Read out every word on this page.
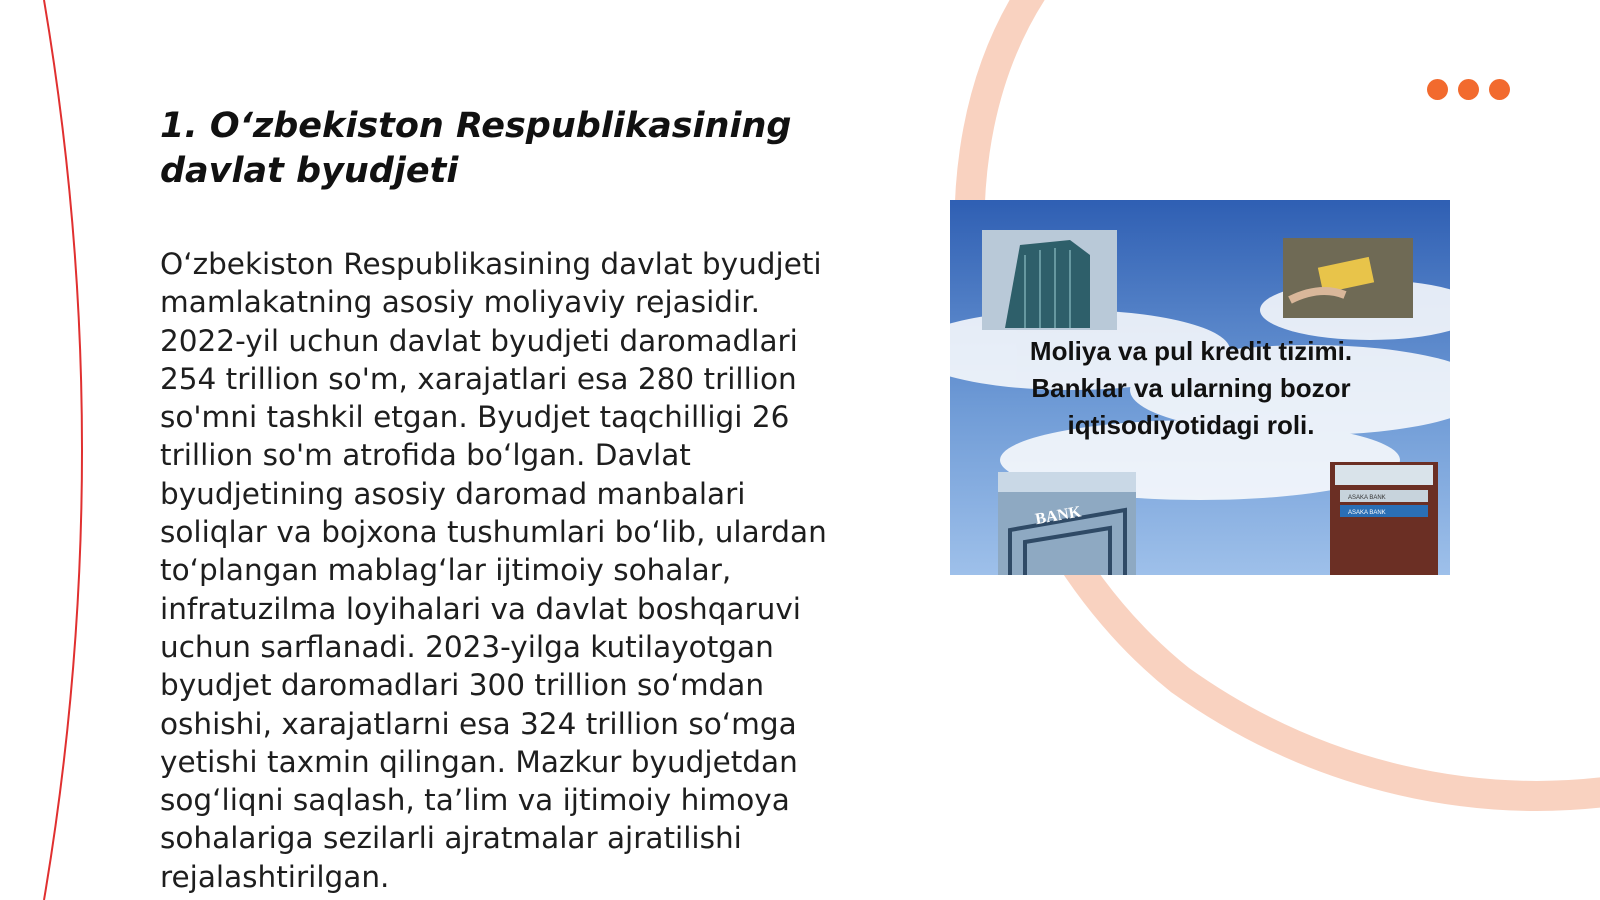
1. O‘zbekiston Respublikasining davlat byudjeti

O‘zbekiston Respublikasining davlat byudjeti mamlakatning asosiy moliyaviy rejasidir. 2022-yil uchun davlat byudjeti daromadlari 254 trillion so'm, xarajatlari esa 280 trillion so'mni tashkil etgan. Byudjet taqchilligi 26 trillion so'm atrofida bo‘lgan. Davlat byudjetining asosiy daromad manbalari soliqlar va bojxona tushumlari bo‘lib, ulardan to‘plangan mablag‘lar ijtimoiy sohalar, infratuzilma loyihalari va davlat boshqaruvi uchun sarflanadi. 2023-yilga kutilayotgan byudjet daromadlari 300 trillion so‘mdan oshishi, xarajatlarni esa 324 trillion so‘mga yetishi taxmin qilingan. Mazkur byudjetdan sog‘liqni saqlash, ta’lim va ijtimoiy himoya sohalariga sezilarli ajratmalar ajratilishi rejalashtirilgan.

BANK
ASAKA BANK
ASAKA BANK
Moliya va pul kredit tizimi.
Banklar va ularning bozor
iqtisodiyotidagi roli.
